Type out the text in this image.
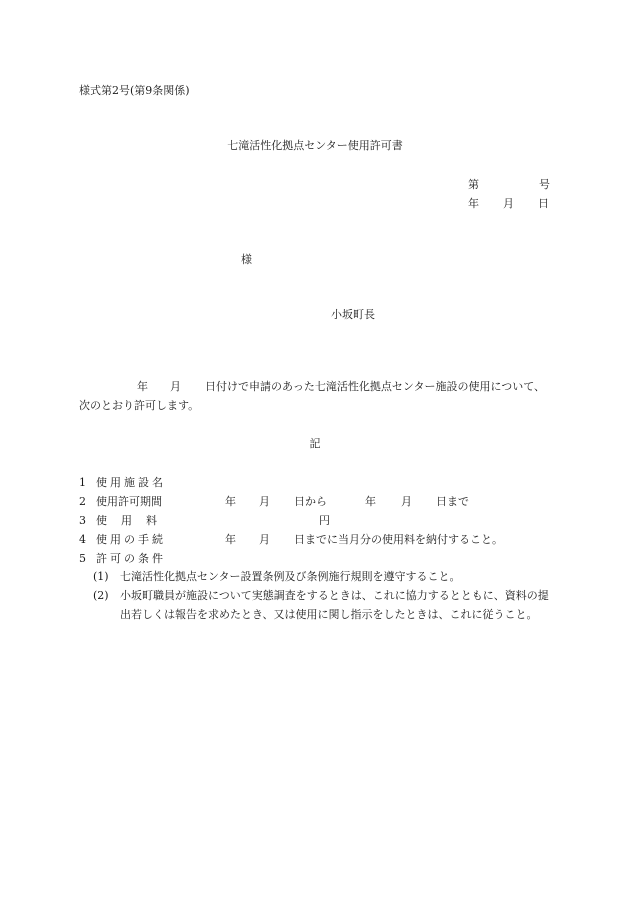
様式第2号(第9条関係)
七滝活性化拠点センター使用許可書
第	号
年 月 日
様
小坂町長
年 月 日付けで申請のあった七滝活性化拠点センター施設の使用について、次のとおり許可します。
記
1 使用施設名
2 使用許可期間	年 月 日から	年 月 日まで
3 使用料	円
4 使用の手続	年 月 日までに当月分の使用料を納付すること。
5 許可の条件
(1)	七滝活性化拠点センター設置条例及び条例施行規則を遵守すること。
(2)	小坂町職員が施設について実態調査をするときは、これに協力するとともに、資料の提出若しくは報告を求めたとき、又は使用に関し指示をしたときは、これに従うこと。
